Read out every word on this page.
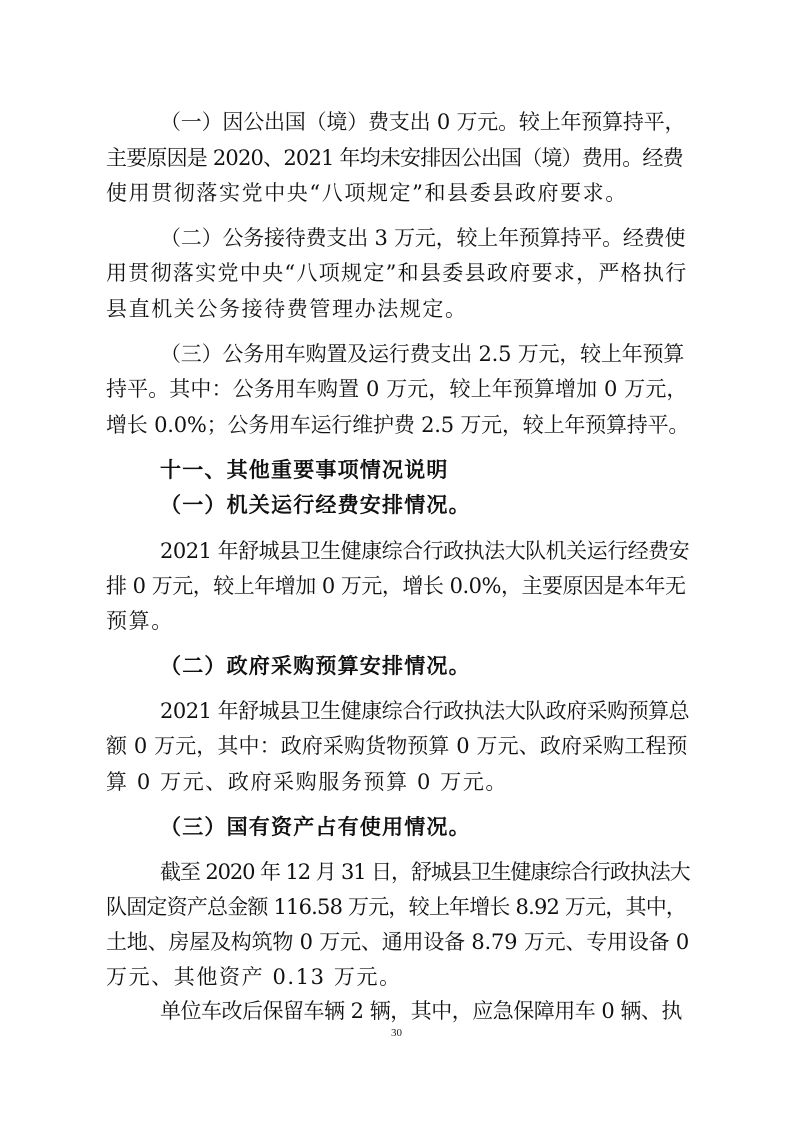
（一）因公出国（境）费支出 0 万元。较上年预算持平，
主要原因是 2020、2021 年均未安排因公出国（境）费用。经费
使用贯彻落实党中央“八项规定”和县委县政府要求。
（二）公务接待费支出 3 万元，较上年预算持平。经费使
用贯彻落实党中央“八项规定”和县委县政府要求，严格执行
县直机关公务接待费管理办法规定。
（三）公务用车购置及运行费支出 2.5 万元，较上年预算
持平。其中：公务用车购置 0 万元，较上年预算增加 0 万元，
增长 0.0%；公务用车运行维护费 2.5 万元，较上年预算持平。
十一、其他重要事项情况说明
（一）机关运行经费安排情况。
2021 年舒城县卫生健康综合行政执法大队机关运行经费安
排 0 万元，较上年增加 0 万元，增长 0.0%，主要原因是本年无
预算。
（二）政府采购预算安排情况。
2021 年舒城县卫生健康综合行政执法大队政府采购预算总
额 0 万元，其中：政府采购货物预算 0 万元、政府采购工程预
算 0 万元、政府采购服务预算 0 万元。
（三）国有资产占有使用情况。
截至 2020 年 12 月 31 日，舒城县卫生健康综合行政执法大
队固定资产总金额 116.58 万元，较上年增长 8.92 万元，其中，
土地、房屋及构筑物 0 万元、通用设备 8.79 万元、专用设备 0
万元、其他资产 0.13 万元。
单位车改后保留车辆 2 辆，其中，应急保障用车 0 辆、执
30
